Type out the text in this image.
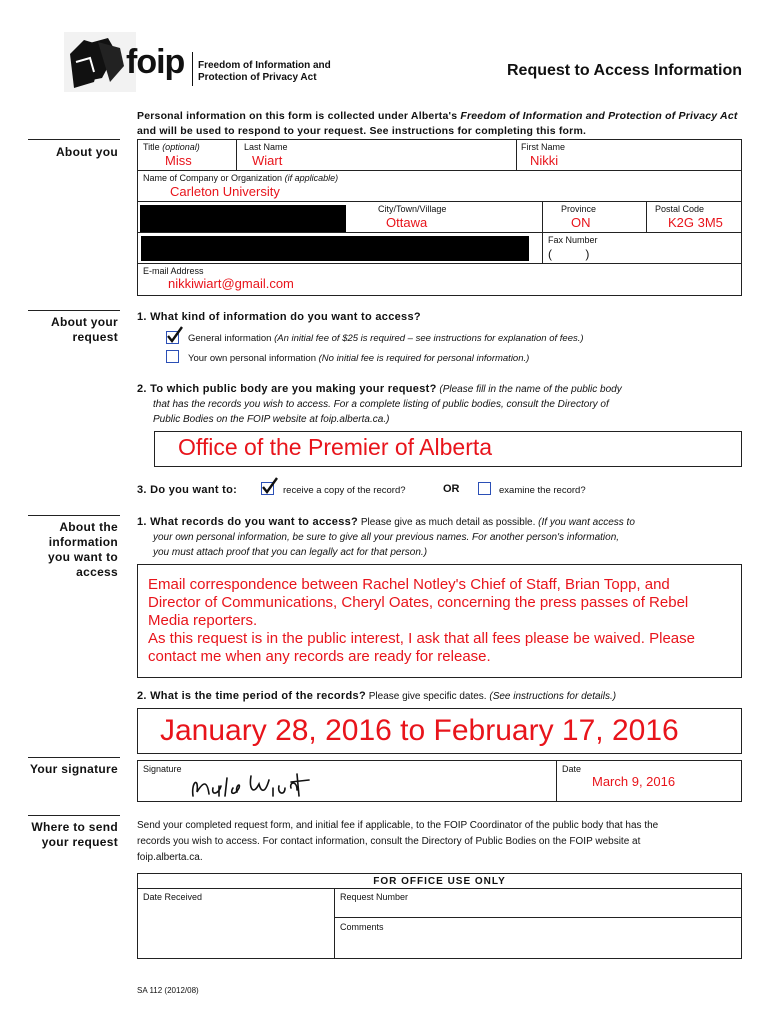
foip Freedom of Information and
Protection of Privacy Act	Request to Access Information
Personal information on this form is collected under Alberta's Freedom of Information and Protection of Privacy Act and will be used to respond to your request. See instructions for completing this form.
About you
About your
request
About the
information
you want to
access
Your signature
Where to send
your request
Title (optional)
Miss
Last Name
Wiart
First Name
Nikki
Name of Company or Organization (if applicable)
Carleton University
City/Town/Village
Ottawa
Province
ON
Postal Code
K2G 3M5
Fax Number
(          )
E-mail Address
nikkiwiart@gmail.com
1. What kind of information do you want to access?
General information (An initial fee of $25 is required – see instructions for explanation of fees.)
Your own personal information (No initial fee is required for personal information.)
2. To which public body are you making your request? (Please fill in the name of the public body
that has the records you wish to access. For a complete listing of public bodies, consult the Directory of
Public Bodies on the FOIP website at foip.alberta.ca.)
Office of the Premier of Alberta
3. Do you want to:	receive a copy of the record?	OR	examine the record?
1. What records do you want to access? Please give as much detail as possible. (If you want access to
your own personal information, be sure to give all your previous names. For another person's information,
you must attach proof that you can legally act for that person.)
Email correspondence between Rachel Notley's Chief of Staff, Brian Topp, and
Director of Communications, Cheryl Oates, concerning the press passes of Rebel
Media reporters.
As this request is in the public interest, I ask that all fees please be waived. Please
contact me when any records are ready for release.
2. What is the time period of the records? Please give specific dates. (See instructions for details.)
January 28, 2016 to February 17, 2016
Signature	Date
March 9, 2016
Send your completed request form, and initial fee if applicable, to the FOIP Coordinator of the public body that has the
records you wish to access. For contact information, consult the Directory of Public Bodies on the FOIP website at
foip.alberta.ca.
FOR OFFICE USE ONLY
Date Received	Request Number
Comments
SA 112 (2012/08)
